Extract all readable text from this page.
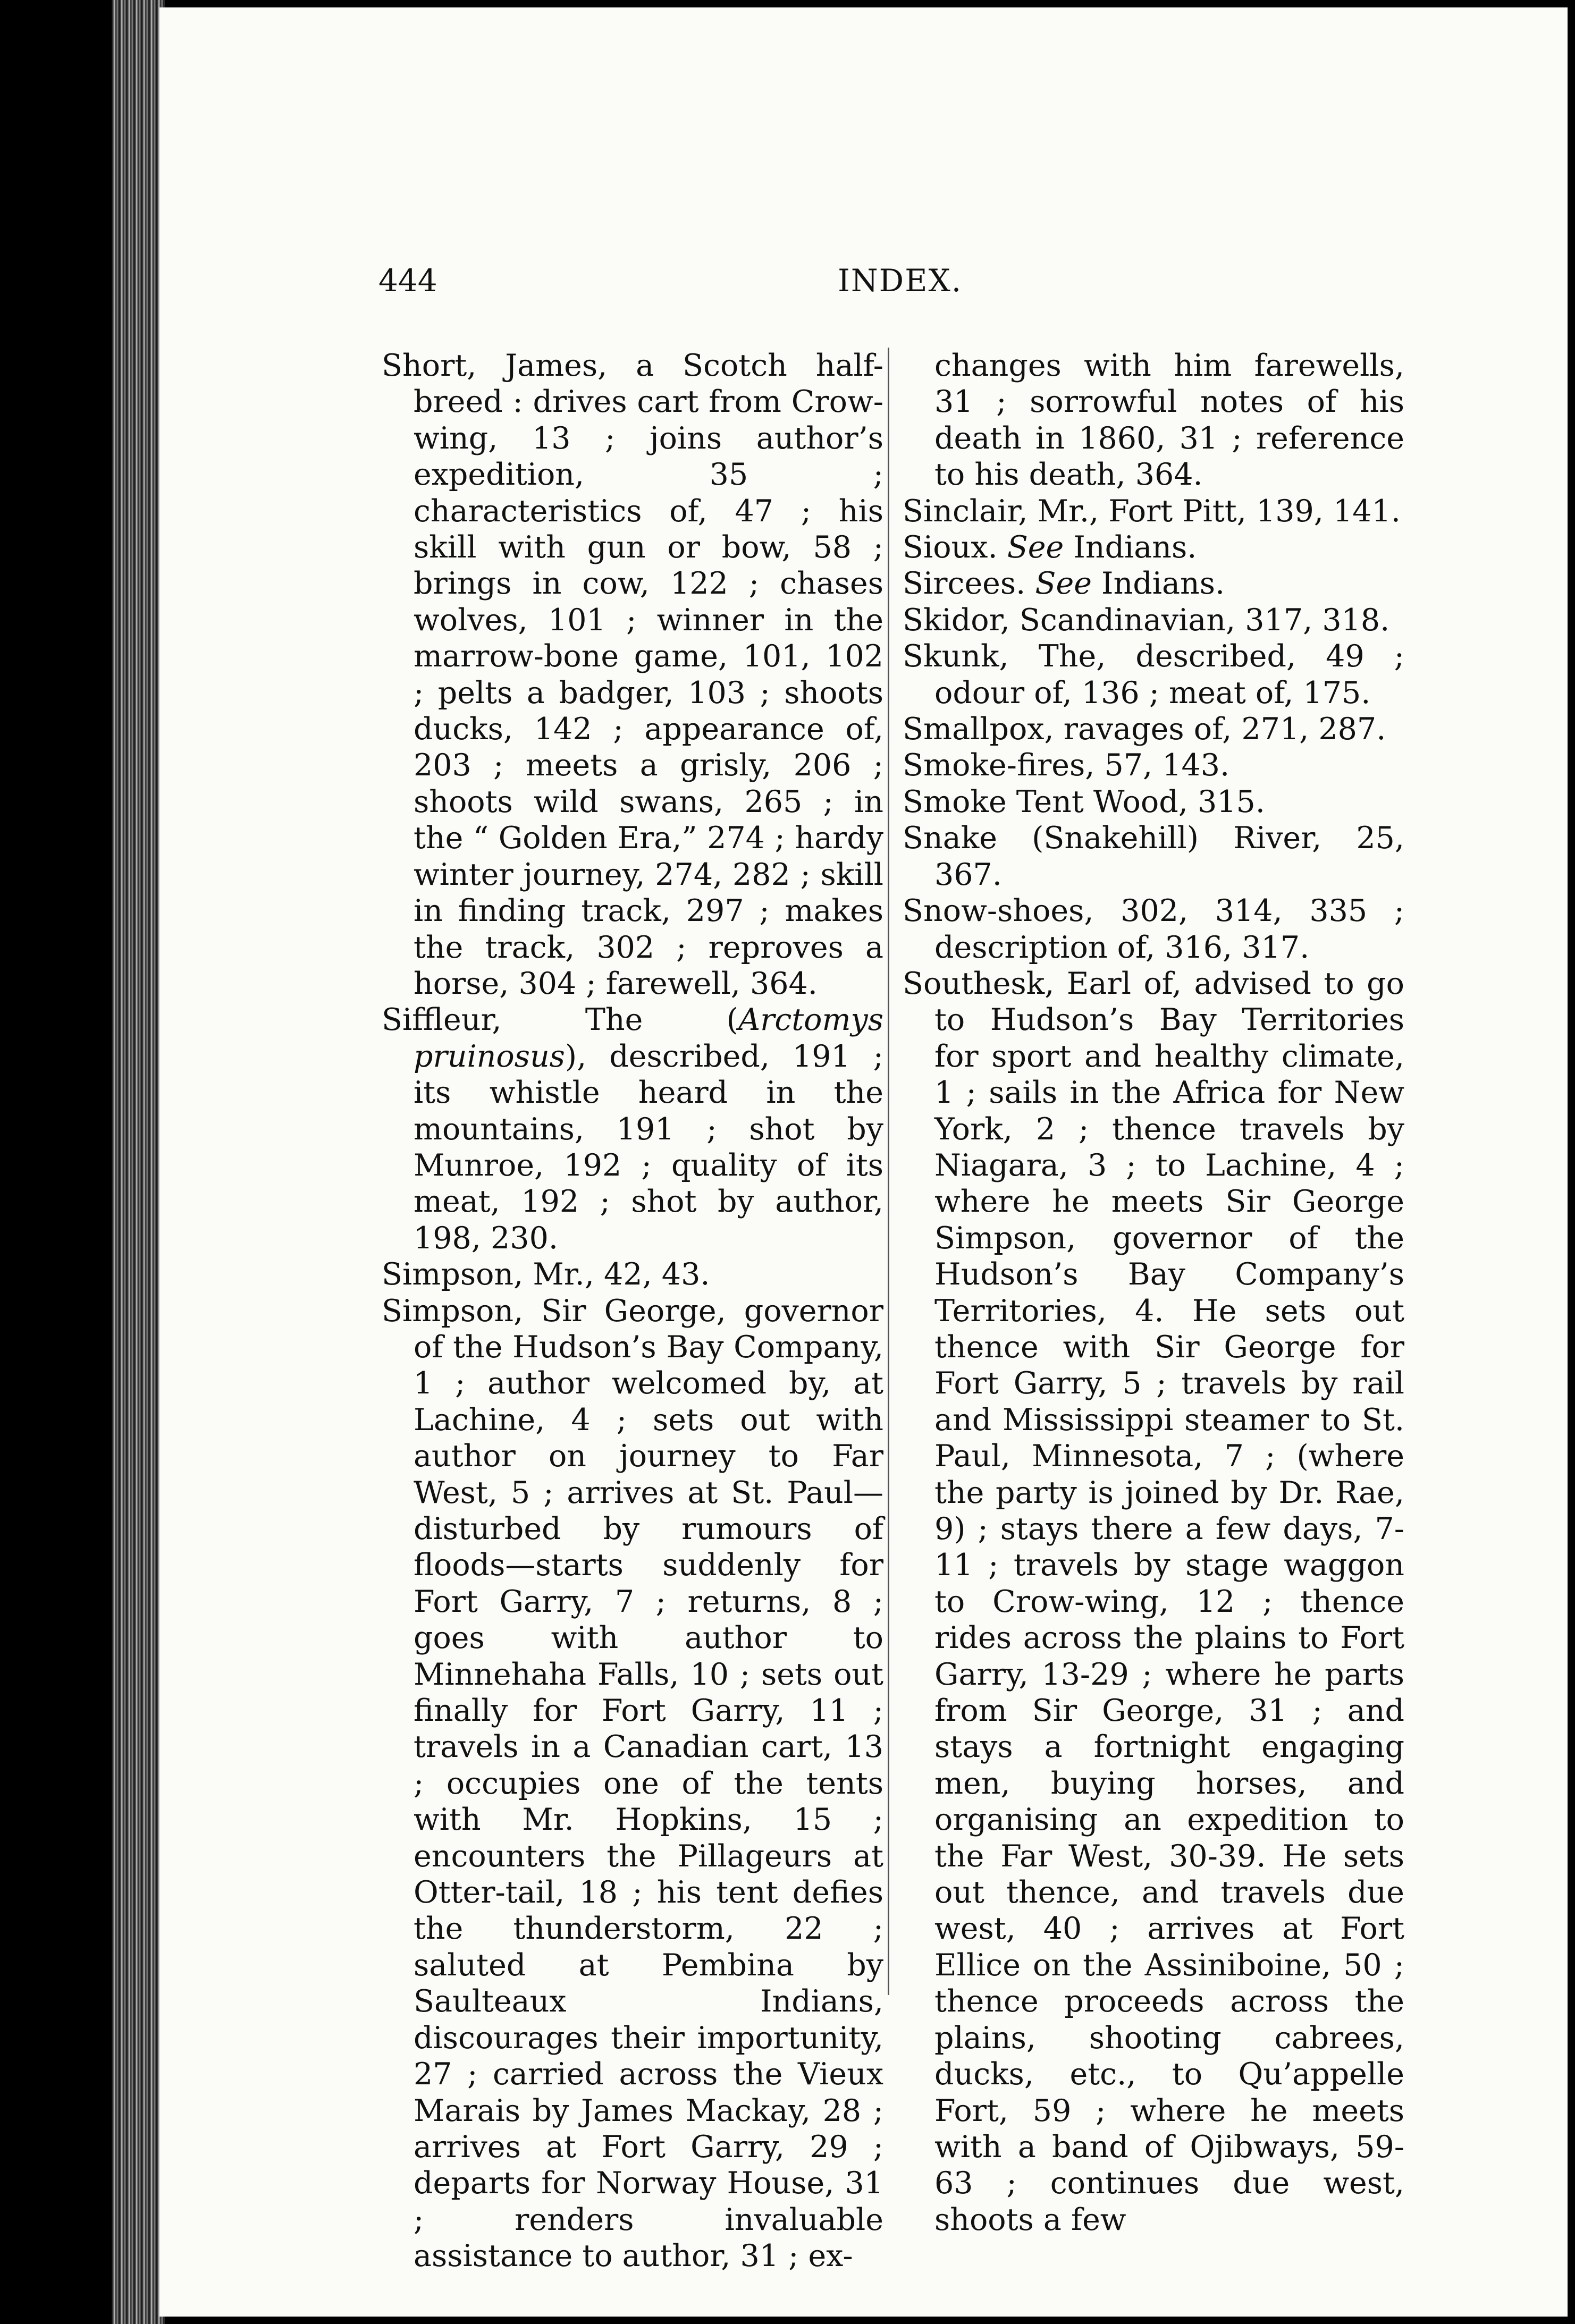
444	INDEX.

Short, James, a Scotch half-breed : drives cart from Crow-wing, 13 ; joins author’s expedition, 35 ; characteristics of, 47 ; his skill with gun or bow, 58 ; brings in cow, 122 ; chases wolves, 101 ; winner in the marrow-bone game, 101, 102 ; pelts a badger, 103 ; shoots ducks, 142 ; appearance of, 203 ; meets a grisly, 206 ; shoots wild swans, 265 ; in the “ Golden Era,” 274 ; hardy winter journey, 274, 282 ; skill in finding track, 297 ; makes the track, 302 ; reproves a horse, 304 ; farewell, 364.

Siffleur, The (Arctomys pruinosus), described, 191 ; its whistle heard in the mountains, 191 ; shot by Munroe, 192 ; quality of its meat, 192 ; shot by author, 198, 230.

Simpson, Mr., 42, 43.

Simpson, Sir George, governor of the Hudson’s Bay Company, 1 ; author welcomed by, at Lachine, 4 ; sets out with author on journey to Far West, 5 ; arrives at St. Paul—disturbed by rumours of floods—starts suddenly for Fort Garry, 7 ; returns, 8 ; goes with author to Minnehaha Falls, 10 ; sets out finally for Fort Garry, 11 ; travels in a Canadian cart, 13 ; occupies one of the tents with Mr. Hopkins, 15 ; encounters the Pillageurs at Otter-tail, 18 ; his tent defies the thunderstorm, 22 ; saluted at Pembina by Saulteaux Indians, discourages their importunity, 27 ; carried across the Vieux Marais by James Mackay, 28 ; arrives at Fort Garry, 29 ; departs for Norway House, 31 ; renders invaluable assistance to author, 31 ; ex-

changes with him farewells, 31 ; sorrowful notes of his death in 1860, 31 ; reference to his death, 364.

Sinclair, Mr., Fort Pitt, 139, 141.

Sioux. See Indians.

Sircees. See Indians.

Skidor, Scandinavian, 317, 318.

Skunk, The, described, 49 ; odour of, 136 ; meat of, 175.

Smallpox, ravages of, 271, 287.

Smoke-fires, 57, 143.

Smoke Tent Wood, 315.

Snake (Snakehill) River, 25, 367.

Snow-shoes, 302, 314, 335 ; description of, 316, 317.

Southesk, Earl of, advised to go to Hudson’s Bay Territories for sport and healthy climate, 1 ; sails in the Africa for New York, 2 ; thence travels by Niagara, 3 ; to Lachine, 4 ; where he meets Sir George Simpson, governor of the Hudson’s Bay Company’s Territories, 4. He sets out thence with Sir George for Fort Garry, 5 ; travels by rail and Mississippi steamer to St. Paul, Minnesota, 7 ; (where the party is joined by Dr. Rae, 9) ; stays there a few days, 7-11 ; travels by stage waggon to Crow-wing, 12 ; thence rides across the plains to Fort Garry, 13-29 ; where he parts from Sir George, 31 ; and stays a fortnight engaging men, buying horses, and organising an expedition to the Far West, 30-39. He sets out thence, and travels due west, 40 ; arrives at Fort Ellice on the Assiniboine, 50 ; thence proceeds across the plains, shooting cabrees, ducks, etc., to Qu’appelle Fort, 59 ; where he meets with a band of Ojibways, 59-63 ; continues due west, shoots a few
